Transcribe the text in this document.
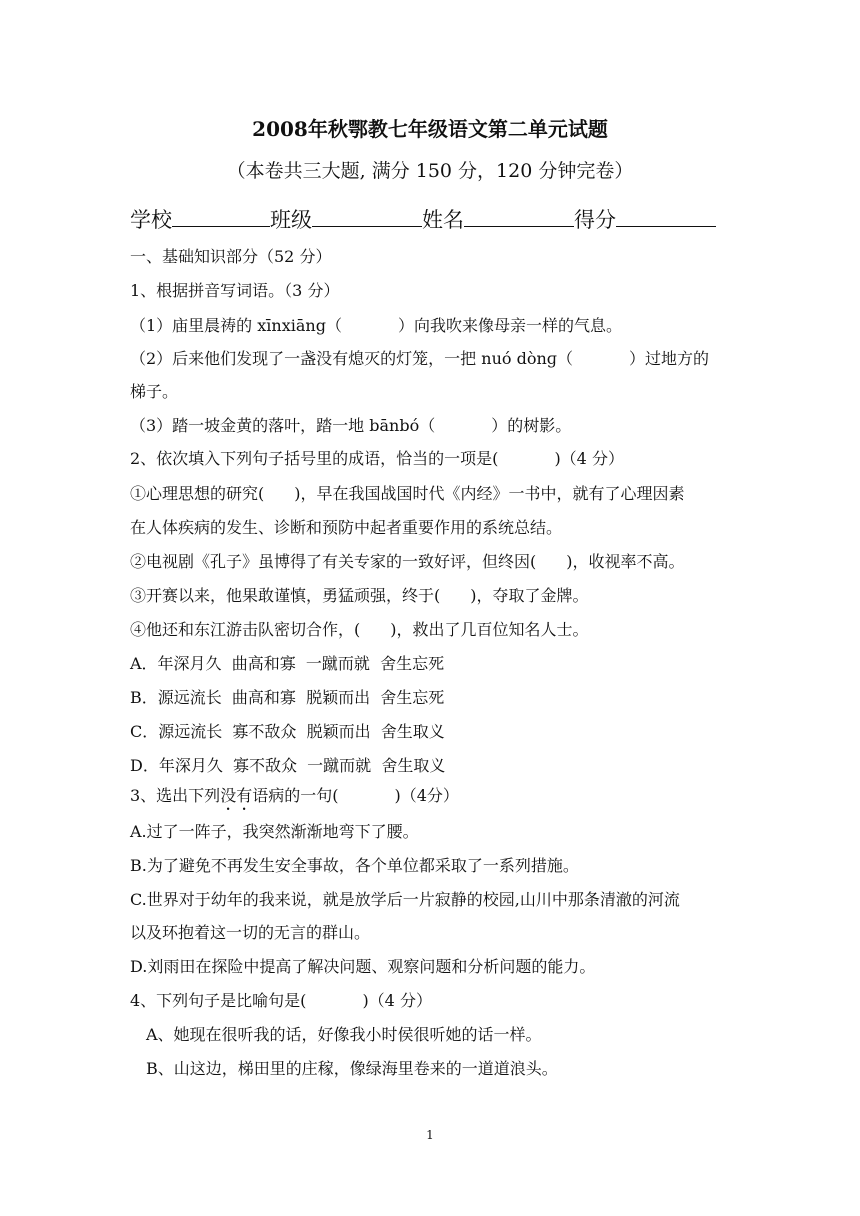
2008年秋鄂教七年级语文第二单元试题
（本卷共三大题, 满分 150 分，120 分钟完卷）
学校	班级	姓名	得分
一、基础知识部分（52 分）
1、根据拼音写词语。（3 分）
（1）庙里晨祷的 xīnxiāng（	）向我吹来像母亲一样的气息。
（2）后来他们发现了一盏没有熄灭的灯笼，一把 nuó dònɡ（	）过地方的
梯子。
（3）踏一坡金黄的落叶，踏一地 bānbó（	）的树影。
2、依次填入下列句子括号里的成语，恰当的一项是(	)（4 分）
①心理思想的研究( )，早在我国战国时代《内经》一书中，就有了心理因素
在人体疾病的发生、诊断和预防中起者重要作用的系统总结。
②电视剧《孔子》虽博得了有关专家的一致好评，但终因( )，收视率不高。
③开赛以来，他果敢谨慎，勇猛顽强，终于( )，夺取了金牌。
④他还和东江游击队密切合作，( )，救出了几百位知名人士。
A．年深月久  曲高和寡  一蹴而就  舍生忘死
B．源远流长  曲高和寡  脱颖而出  舍生忘死
C．源远流长  寡不敌众  脱颖而出  舍生取义
D．年深月久  寡不敌众  一蹴而就  舍生取义
3、选出下列没有语病的一句(	)（4分）
A.过了一阵子，我突然渐渐地弯下了腰。
B.为了避免不再发生安全事故，各个单位都采取了一系列措施。
C.世界对于幼年的我来说，就是放学后一片寂静的校园,山川中那条清澈的河流
以及环抱着这一切的无言的群山。
D.刘雨田在探险中提高了解决问题、观察问题和分析问题的能力。
4、下列句子是比喻句是(	)（4 分）
A、她现在很听我的话，好像我小时侯很听她的话一样。
B、山这边，梯田里的庄稼，像绿海里卷来的一道道浪头。
1
